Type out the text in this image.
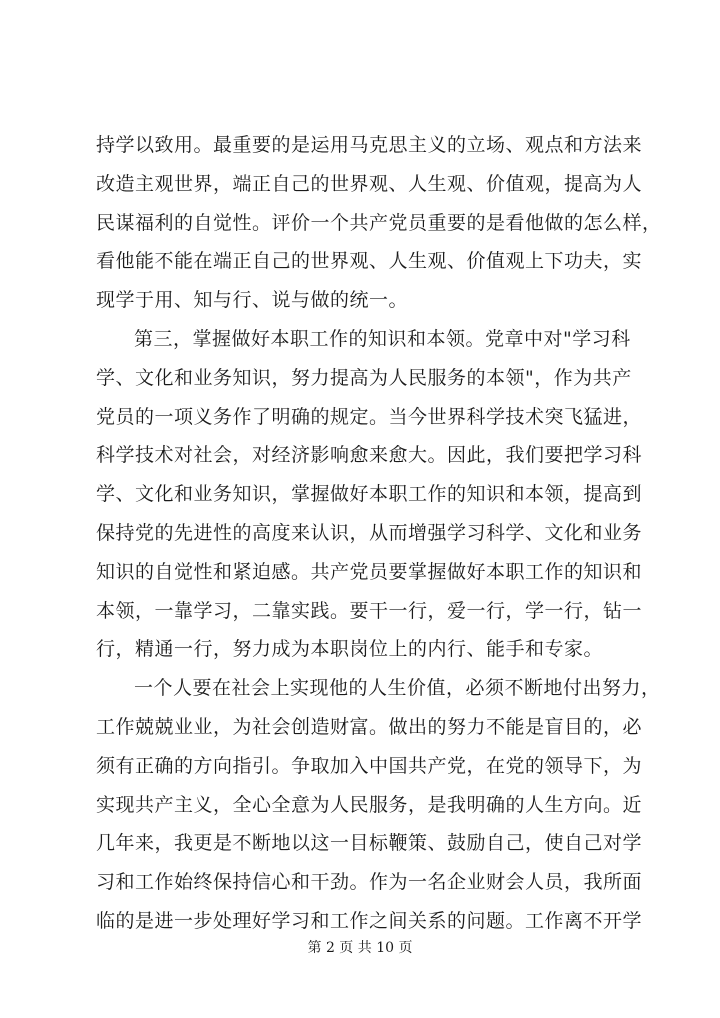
持学以致用。最重要的是运用马克思主义的立场、观点和方法来
改造主观世界，端正自己的世界观、人生观、价值观，提高为人
民谋福利的自觉性。评价一个共产党员重要的是看他做的怎么样，
看他能不能在端正自己的世界观、人生观、价值观上下功夫，实
现学于用、知与行、说与做的统一。
第三，掌握做好本职工作的知识和本领。党章中对"学习科
学、文化和业务知识，努力提高为人民服务的本领"，作为共产
党员的一项义务作了明确的规定。当今世界科学技术突飞猛进，
科学技术对社会，对经济影响愈来愈大。因此，我们要把学习科
学、文化和业务知识，掌握做好本职工作的知识和本领，提高到
保持党的先进性的高度来认识，从而增强学习科学、文化和业务
知识的自觉性和紧迫感。共产党员要掌握做好本职工作的知识和
本领，一靠学习，二靠实践。要干一行，爱一行，学一行，钻一
行，精通一行，努力成为本职岗位上的内行、能手和专家。
一个人要在社会上实现他的人生价值，必须不断地付出努力，
工作兢兢业业，为社会创造财富。做出的努力不能是盲目的，必
须有正确的方向指引。争取加入中国共产党，在党的领导下，为
实现共产主义，全心全意为人民服务，是我明确的人生方向。近
几年来，我更是不断地以这一目标鞭策、鼓励自己，使自己对学
习和工作始终保持信心和干劲。作为一名企业财会人员，我所面
临的是进一步处理好学习和工作之间关系的问题。工作离不开学
第 2 页 共 10 页
